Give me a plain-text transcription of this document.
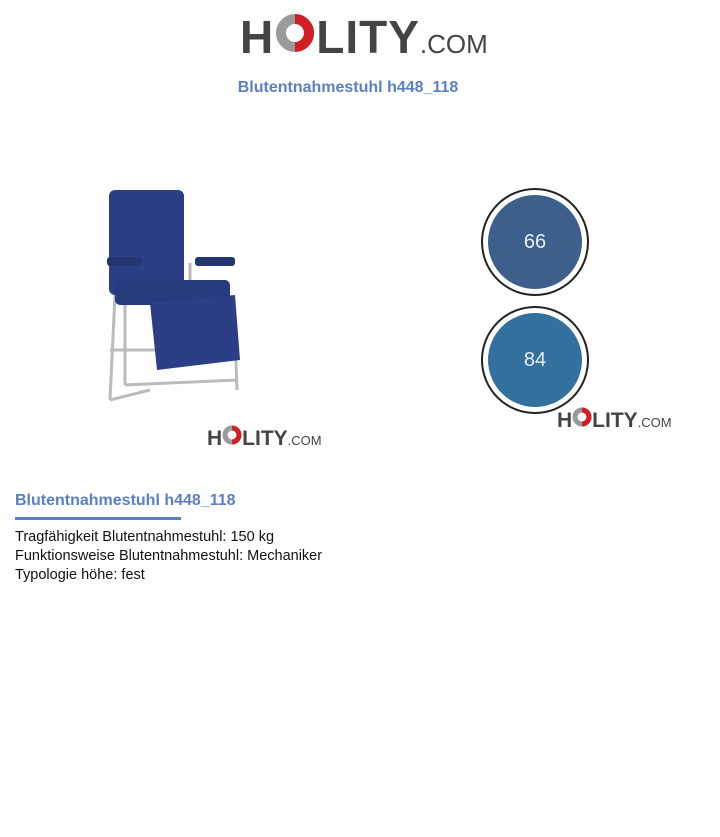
H LITY .COM
Blutentnahmestuhl h448_118
H LITY .COM
66
84
H LITY .COM
Blutentnahmestuhl h448_118
Tragfähigkeit Blutentnahmestuhl: 150 kg
Funktionsweise Blutentnahmestuhl: Mechaniker
Typologie höhe: fest
